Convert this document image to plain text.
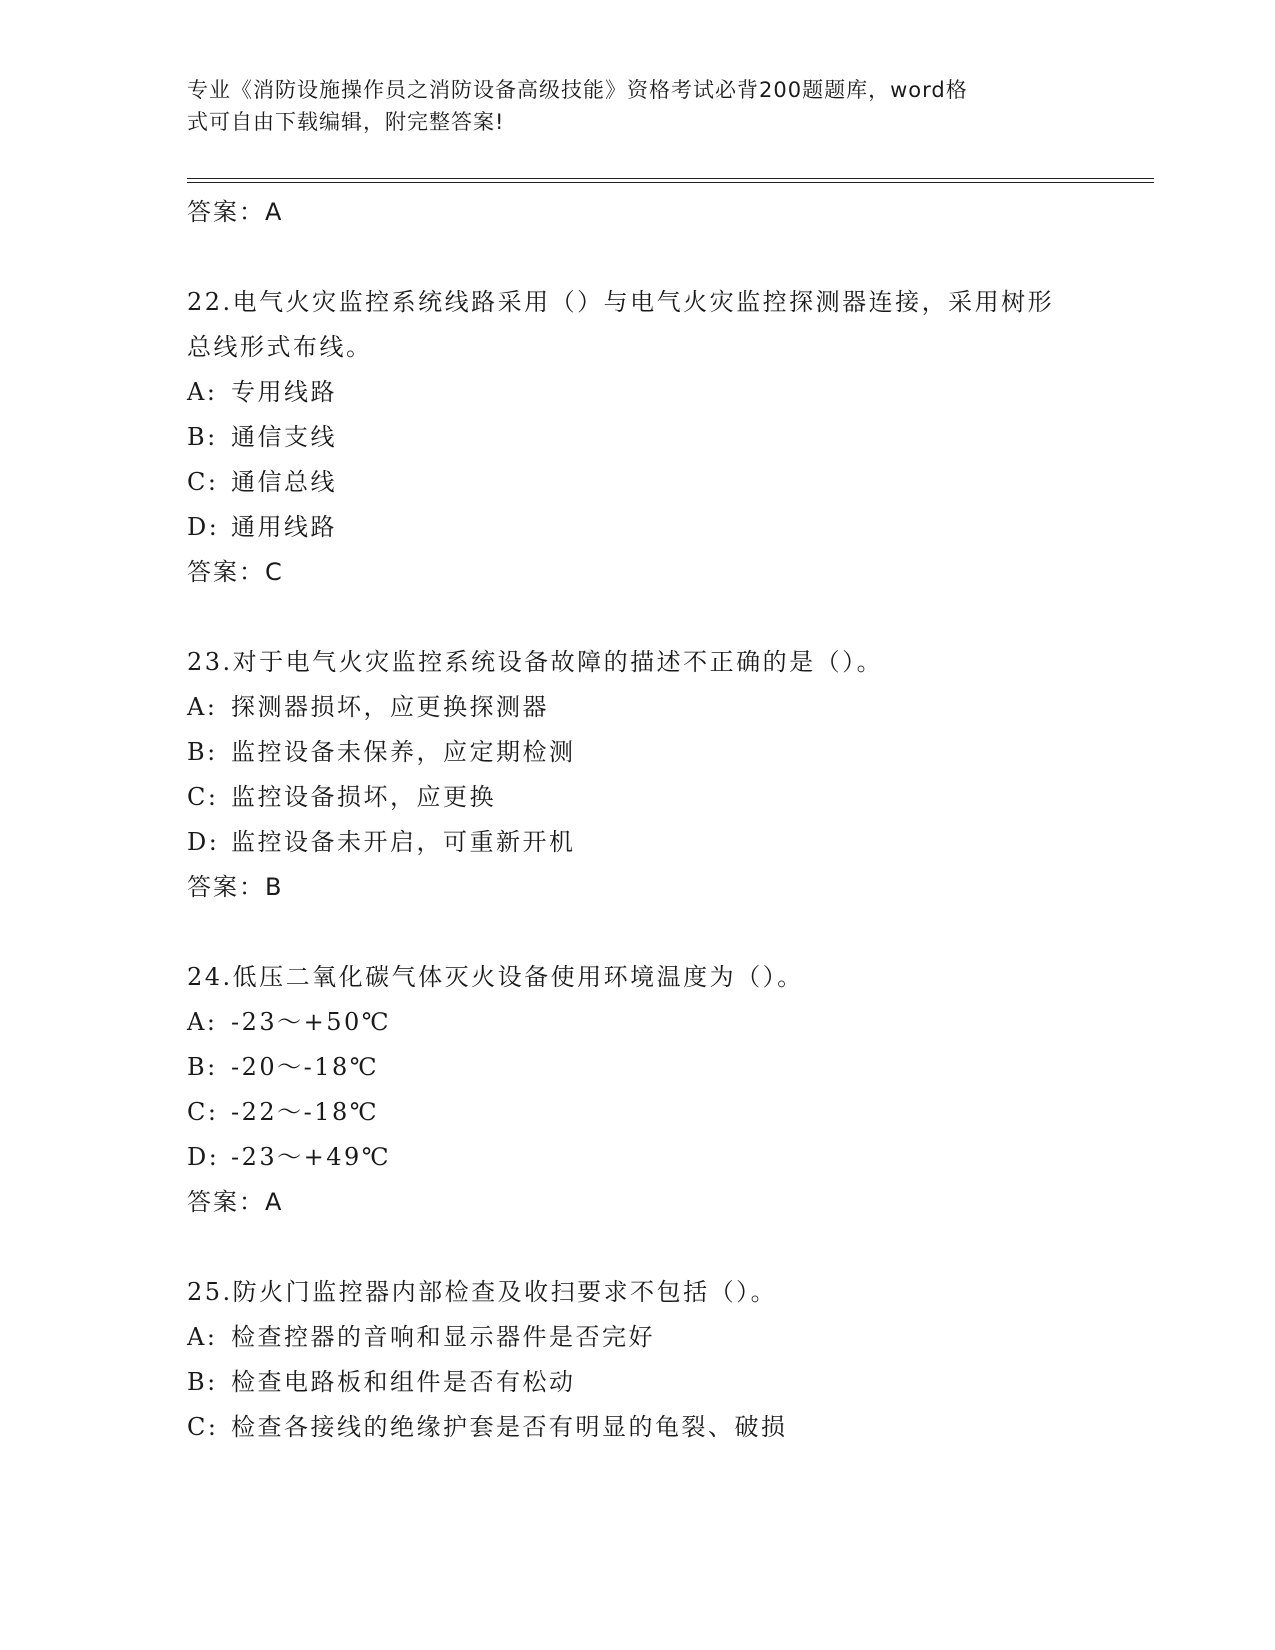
专业《消防设施操作员之消防设备高级技能》资格考试必背200题题库，word格
式可自由下载编辑，附完整答案!
答案：A
22.电气火灾监控系统线路采用（）与电气火灾监控探测器连接，采用树形总线形式布线。
A: 专用线路
B: 通信支线
C: 通信总线
D: 通用线路
答案：C
23.对于电气火灾监控系统设备故障的描述不正确的是（）。
A: 探测器损坏，应更换探测器
B: 监控设备未保养，应定期检测
C: 监控设备损坏，应更换
D: 监控设备未开启，可重新开机
答案：B
24.低压二氧化碳气体灭火设备使用环境温度为（）。
A: -23～+50℃
B: -20～-18℃
C: -22～-18℃
D: -23～+49℃
答案：A
25.防火门监控器内部检查及收扫要求不包括（）。
A: 检查控器的音响和显示器件是否完好
B: 检查电路板和组件是否有松动
C: 检查各接线的绝缘护套是否有明显的龟裂、破损
